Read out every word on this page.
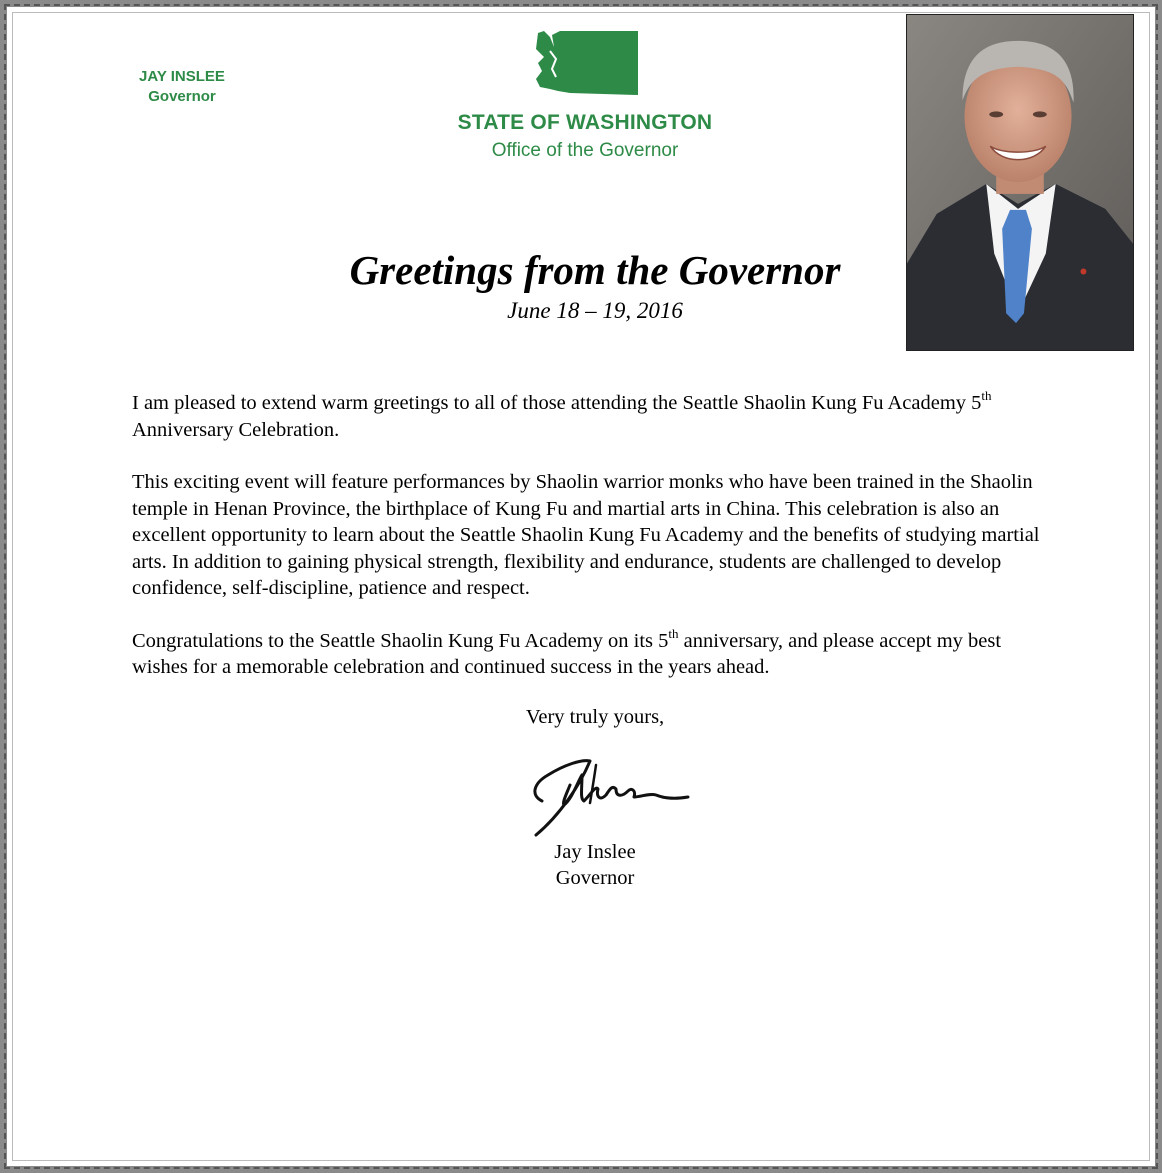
JAY INSLEE
Governor
STATE OF WASHINGTON
Office of the Governor
Greetings from the Governor
June 18 – 19, 2016

I am pleased to extend warm greetings to all of those attending the Seattle Shaolin Kung Fu Academy 5th Anniversary Celebration.

This exciting event will feature performances by Shaolin warrior monks who have been trained in the Shaolin temple in Henan Province, the birthplace of Kung Fu and martial arts in China. This celebration is also an excellent opportunity to learn about the Seattle Shaolin Kung Fu Academy and the benefits of studying martial arts. In addition to gaining physical strength, flexibility and endurance, students are challenged to develop confidence, self-discipline, patience and respect.

Congratulations to the Seattle Shaolin Kung Fu Academy on its 5th anniversary, and please accept my best wishes for a memorable celebration and continued success in the years ahead.

Very truly yours,
Jay Inslee
Governor
